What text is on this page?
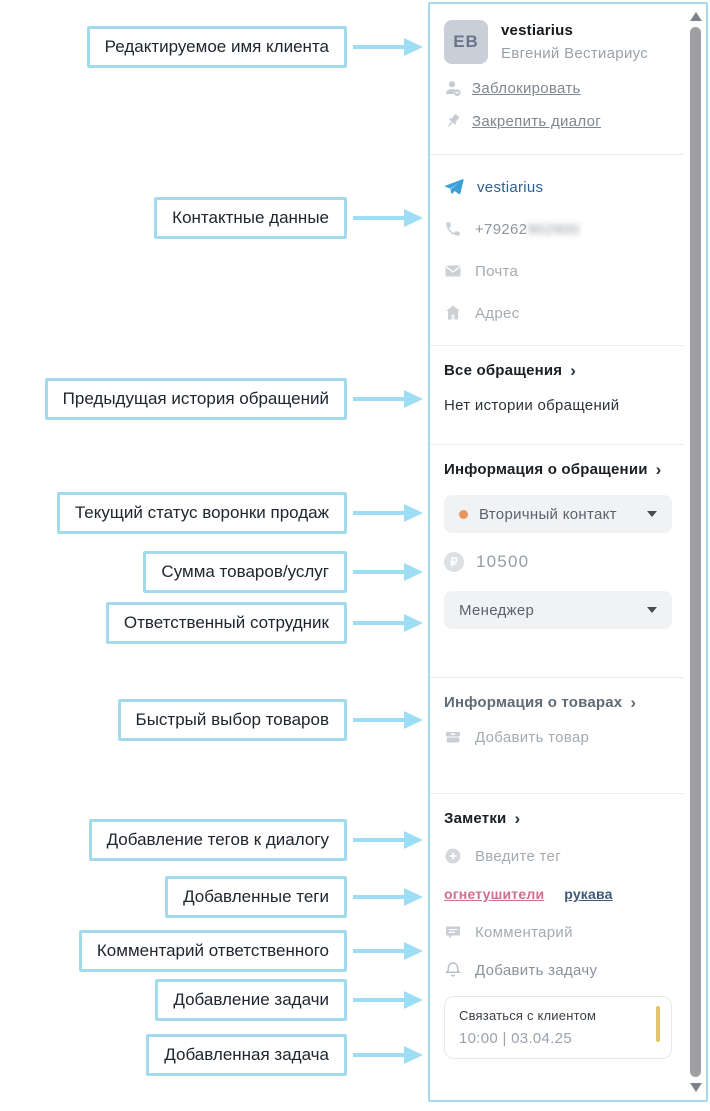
Редактируемое имя клиента
Контактные данные
Предыдущая история обращений
Текущий статус воронки продаж
Сумма товаров/услуг
Ответственный сотрудник
Быстрый выбор товаров
Добавление тегов к диалогу
Добавленные теги
Комментарий ответственного
Добавление задачи
Добавленная задача
ЕВ
vestiarius
Евгений Вестиариус
Заблокировать
Закрепить диалог
vestiarius
+79262902900
Почта
Адрес
Все обращения ›
Нет истории обращений
Информация о обращении ›
Вторичный контакт
₽	10500
Менеджер
Информация о товарах ›
Добавить товар
Заметки ›
Введите тег
огнетушители рукава
Комментарий
Добавить задачу
Связаться с клиентом
10:00 | 03.04.25
